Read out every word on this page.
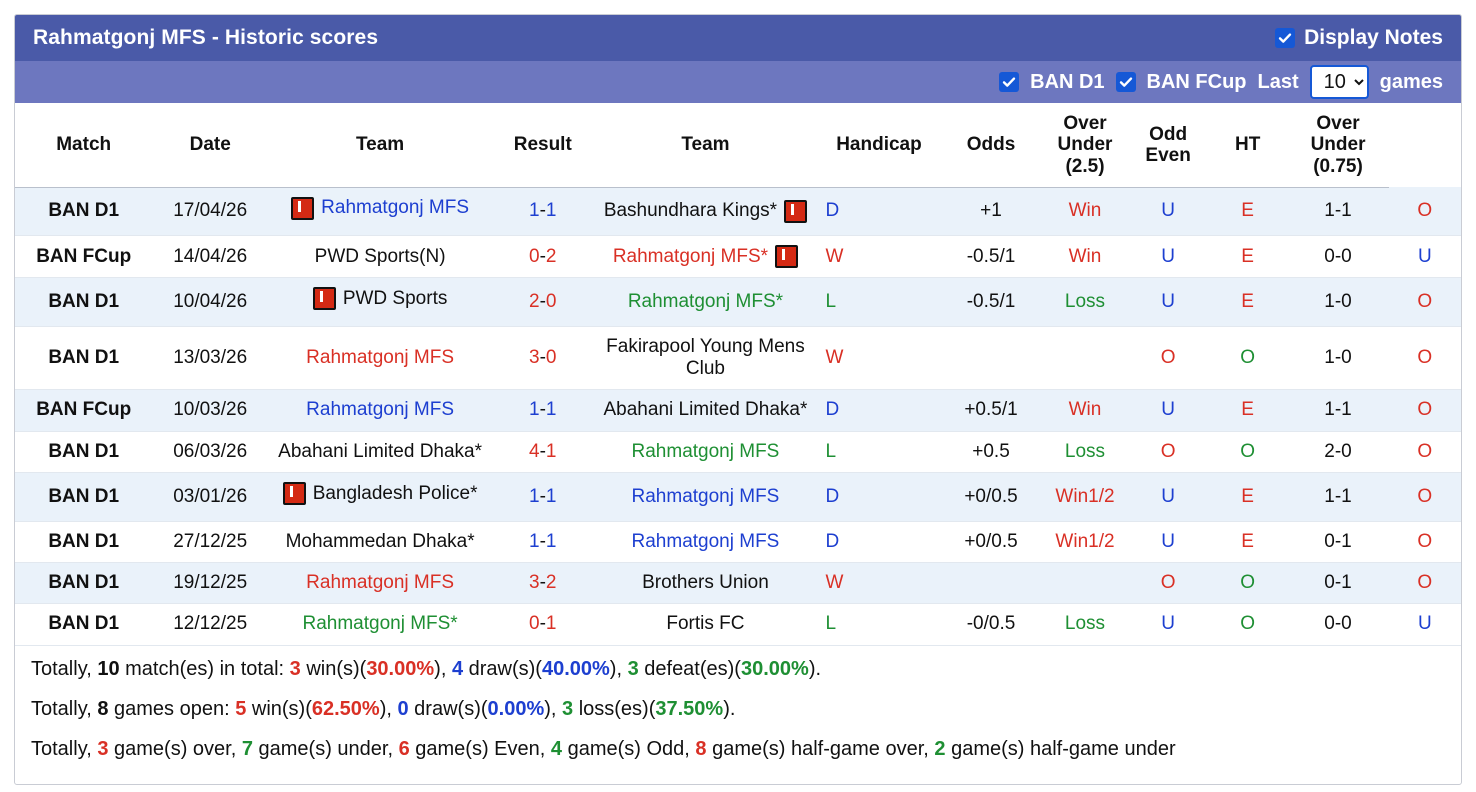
Rahmatgonj MFS - Historic scores	Display Notes
BAN D1 BAN FCup Last
10	games
Match	Date	Team	Result	Team	Handicap	Odds	Over
Under
(2.5)	Odd
Even	HT	Over
Under
(0.75)	
BAN D1	17/04/26	Rahmatgonj MFS	1-1	Bashundhara Kings*	D	+1	Win	U	E	1-1	O
BAN FCup	14/04/26	PWD Sports(N)	0-2	Rahmatgonj MFS*	W	-0.5/1	Win	U	E	0-0	U
BAN D1	10/04/26	PWD Sports	2-0	Rahmatgonj MFS*	L	-0.5/1	Loss	U	E	1-0	O
BAN D1	13/03/26	Rahmatgonj MFS	3-0	Fakirapool Young Mens Club	W			O	O	1-0	O
BAN FCup	10/03/26	Rahmatgonj MFS	1-1	Abahani Limited Dhaka*	D	+0.5/1	Win	U	E	1-1	O
BAN D1	06/03/26	Abahani Limited Dhaka*	4-1	Rahmatgonj MFS	L	+0.5	Loss	O	O	2-0	O
BAN D1	03/01/26	Bangladesh Police*	1-1	Rahmatgonj MFS	D	+0/0.5	Win1/2	U	E	1-1	O
BAN D1	27/12/25	Mohammedan Dhaka*	1-1	Rahmatgonj MFS	D	+0/0.5	Win1/2	U	E	0-1	O
BAN D1	19/12/25	Rahmatgonj MFS	3-2	Brothers Union	W			O	O	0-1	O
BAN D1	12/12/25	Rahmatgonj MFS*	0-1	Fortis FC	L	-0/0.5	Loss	U	O	0-0	U

Totally, 10 match(es) in total: 3 win(s)(30.00%), 4 draw(s)(40.00%), 3 defeat(es)(30.00%).

Totally, 8 games open: 5 win(s)(62.50%), 0 draw(s)(0.00%), 3 loss(es)(37.50%).

Totally, 3 game(s) over, 7 game(s) under, 6 game(s) Even, 4 game(s) Odd, 8 game(s) half-game over, 2 game(s) half-game under
